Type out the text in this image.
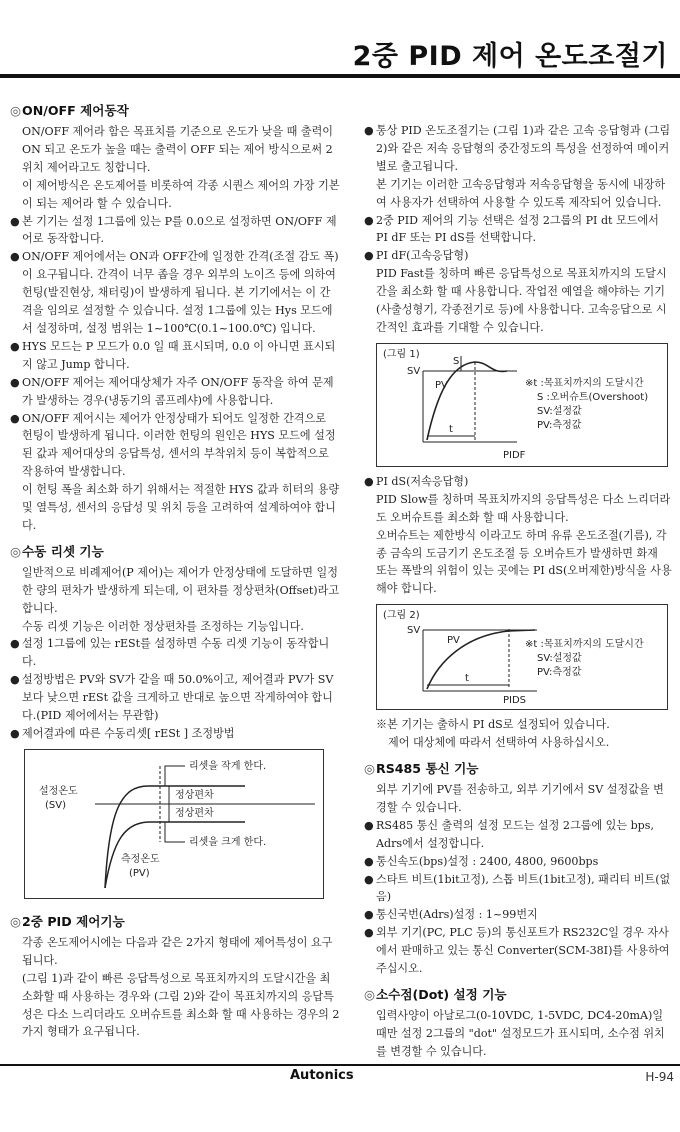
2중 PID 제어 온도조절기
◎ON/OFF 제어동작
ON/OFF 제어라 함은 목표치를 기준으로 온도가 낮을 때 출력이 ON 되고 온도가 높을 때는 출력이 OFF 되는 제어 방식으로써 2위치 제어라고도 칭합니다.
이 제어방식은 온도제어를 비롯하여 각종 시퀀스 제어의 가장 기본이 되는 제어라 할 수 있습니다.
● 본 기기는 설정 1그룹에 있는 P를 0.0으로 설정하면 ON/OFF 제어로 동작합니다.
● ON/OFF 제어에서는 ON과 OFF간에 일정한 간격(조절 감도 폭)이 요구됩니다. 간격이 너무 좁을 경우 외부의 노이즈 등에 의하여 헌팅(발진현상, 채터링)이 발생하게 됩니다. 본 기기에서는 이 간격을 임의로 설정할 수 있습니다. 설정 1그룹에 있는 Hys 모드에서 설정하며, 설정 범위는 1~100℃(0.1~100.0℃) 입니다.
● HYS 모드는 P 모드가 0.0 일 때 표시되며, 0.0 이 아니면 표시되지 않고 Jump 합니다.
● ON/OFF 제어는 제어대상체가 자주 ON/OFF 동작을 하여 문제가 발생하는 경우(냉동기의 콤프레샤)에 사용합니다.
● ON/OFF 제어시는 제어가 안정상태가 되어도 일정한 간격으로 헌팅이 발생하게 됩니다. 이러한 헌팅의 원인은 HYS 모드에 설정된 값과 제어대상의 응답특성, 센서의 부착위치 등이 복합적으로 작용하여 발생합니다.
이 헌팅 폭을 최소화 하기 위해서는 적절한 HYS 값과 히터의 용량 및 열특성, 센서의 응답성 및 위치 등을 고려하여 설계하여야 합니다.
◎수동 리셋 기능
일반적으로 비례제어(P 제어)는 제어가 안정상태에 도달하면 일정한 량의 편차가 발생하게 되는데, 이 편차를 정상편차(Offset)라고 합니다.
수동 리셋 기능은 이러한 정상편차를 조정하는 기능입니다.
● 설정 1그룹에 있는 rESt를 설정하면 수동 리셋 기능이 동작합니다.
● 설정방법은 PV와 SV가 같을 때 50.0%이고, 제어결과 PV가 SV보다 낮으면 rESt 값을 크게하고 반대로 높으면 작게하여야 합니다.(PID 제어에서는 무관함)
● 제어결과에 따른 수동리셋[ rESt ] 조정방법
리셋을 작게 한다.
정상편차
정상편차
리셋을 크게 한다.
설정온도
(SV)
측정온도
(PV)
◎2중 PID 제어기능
각종 온도제어시에는 다음과 같은 2가지 형태에 제어특성이 요구됩니다.
(그림 1)과 같이 빠른 응답특성으로 목표치까지의 도달시간을 최소화할 때 사용하는 경우와 (그림 2)와 같이 목표치까지의 응답특성은 다소 느리더라도 오버슈트를 최소화 할 때 사용하는 경우의 2가지 형태가 요구됩니다.
● 통상 PID 온도조절기는 (그림 1)과 같은 고속 응답형과 (그림 2)와 같은 저속 응답형의 중간정도의 특성을 선정하여 메이커별로 출고됩니다.
본 기기는 이러한 고속응답형과 저속응답형을 동시에 내장하여 사용자가 선택하여 사용할 수 있도록 제작되어 있습니다.
● 2중 PID 제어의 기능 선택은 설정 2그룹의 PI dt 모드에서 PI dF 또는 PI dS를 선택합니다.
● PI dF(고속응답형)
PID Fast를 칭하며 빠른 응답특성으로 목표치까지의 도달시간을 최소화 할 때 사용합니다. 작업전 예열을 해야하는 기기(사출성형기, 각종전기로 등)에 사용합니다. 고속응답으로 시간적인 효과를 기대할 수 있습니다.
(그림 1)
SV
S
PV
t
※t :목표치까지의 도달시간
S :오버슈트(Overshoot)
SV:설정값
PV:측정값
PIDF
● PI dS(저속응답형)
PID Slow를 칭하며 목표치까지의 응답특성은 다소 느리더라도 오버슈트를 최소화 할 때 사용합니다.
오버슈트는 제한방식 이라고도 하며 유류 온도조절(기름), 각종 금속의 도금기기 온도조절 등 오버슈트가 발생하면 화재 또는 폭발의 위험이 있는 곳에는 PI dS(오버제한)방식을 사용해야 합니다.
(그림 2)
SV
PV
t
※t :목표치까지의 도달시간
SV:설정값
PV:측정값
PIDS
※본 기기는 출하시 PI dS로 설정되어 있습니다.
제어 대상체에 따라서 선택하여 사용하십시오.
◎RS485 통신 기능
외부 기기에 PV를 전송하고, 외부 기기에서 SV 설정값을 변경할 수 있습니다.
● RS485 통신 출력의 설정 모드는 설정 2그룹에 있는 bps, Adrs에서 설정합니다.
● 통신속도(bps)설정 : 2400, 4800, 9600bps
● 스타트 비트(1bit고정), 스톱 비트(1bit고정), 패리티 비트(없음)
● 통신국번(Adrs)설정 : 1~99번지
● 외부 기기(PC, PLC 등)의 통신포트가 RS232C일 경우 자사에서 판매하고 있는 통신 Converter(SCM-38I)를 사용하여 주십시오.
◎소수점(Dot) 설정 기능
입력사양이 아날로그(0-10VDC, 1-5VDC, DC4-20mA)일 때만 설정 2그룹의 "dot" 설정모드가 표시되며, 소수점 위치를 변경할 수 있습니다.
Autonics	H-94
